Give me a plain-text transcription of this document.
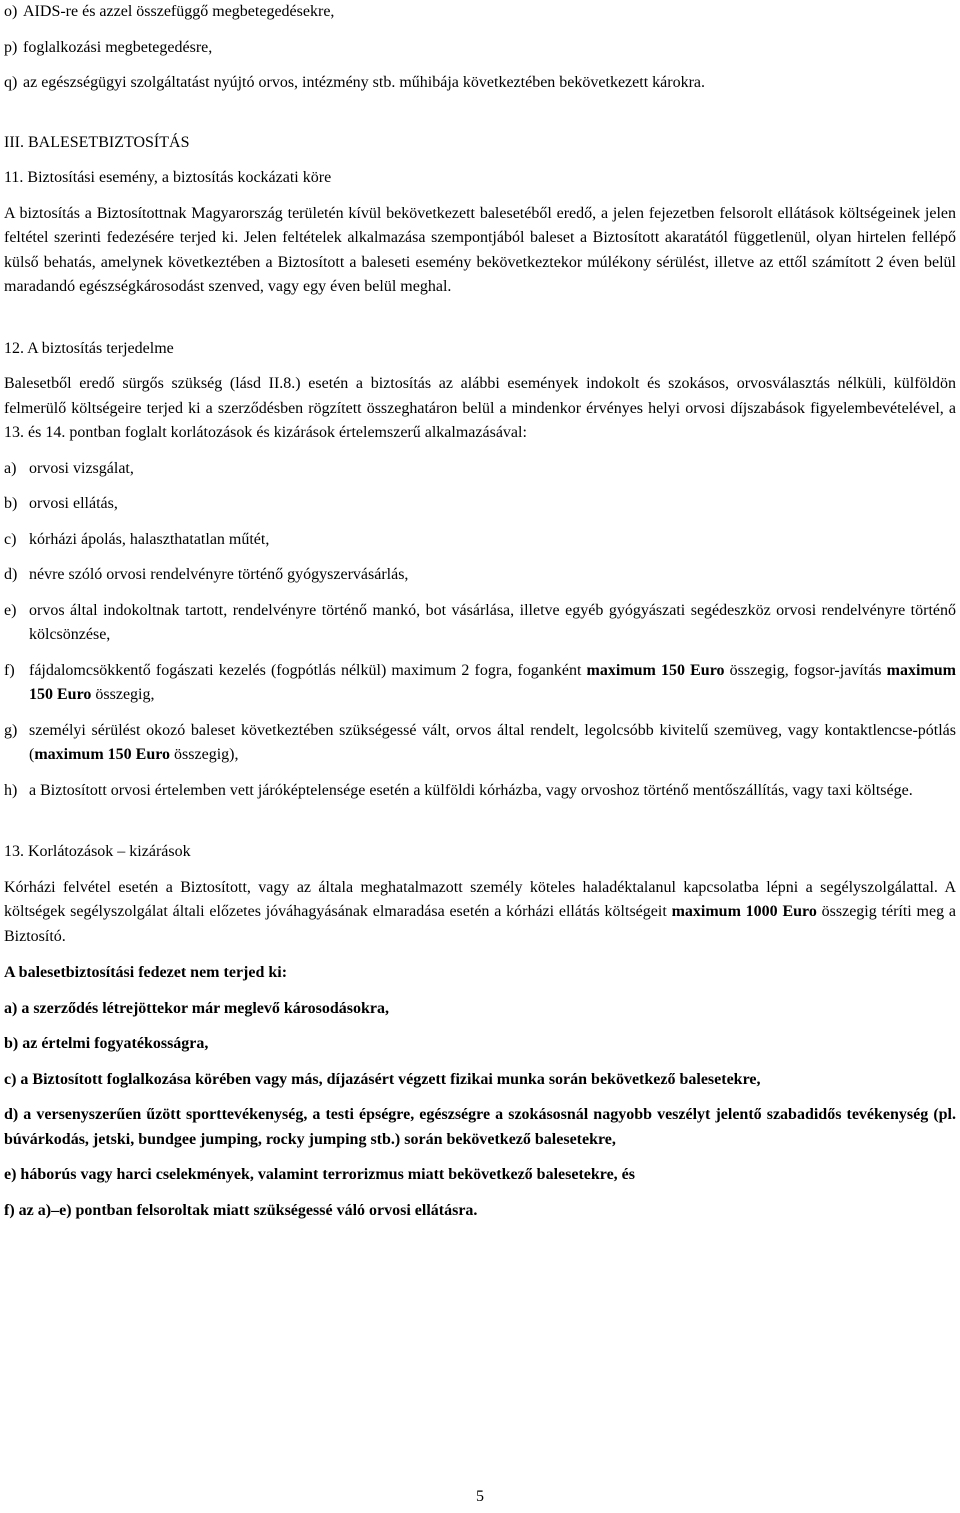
o) AIDS-re és azzel összefüggő megbetegedésekre,
p) foglalkozási megbetegedésre,
q) az egészségügyi szolgáltatást nyújtó orvos, intézmény stb. műhibája következtében bekövetkezett károkra.

III. BALESETBIZTOSÍTÁS

11. Biztosítási esemény, a biztosítás kockázati köre

A biztosítás a Biztosítottnak Magyarország területén kívül bekövetkezett balesetéből eredő, a jelen fejezetben felsorolt ellátások költségeinek jelen feltétel szerinti fedezésére terjed ki. Jelen feltételek alkalmazása szempontjából baleset a Biztosított akaratától függetlenül, olyan hirtelen fellépő külső behatás, amelynek következtében a Biztosított a baleseti esemény bekövetkeztekor múlékony sérülést, illetve az ettől számított 2 éven belül maradandó egészségkárosodást szenved, vagy egy éven belül meghal.

12. A biztosítás terjedelme

Balesetből eredő sürgős szükség (lásd II.8.) esetén a biztosítás az alábbi események indokolt és szokásos, orvosválasztás nélküli, külföldön felmerülő költségeire terjed ki a szerződésben rögzített összeghatáron belül a mindenkor érvényes helyi orvosi díjszabások figyelembevételével, a 13. és 14. pontban foglalt korlátozások és kizárások értelemszerű alkalmazásával:

a) orvosi vizsgálat,
b) orvosi ellátás,
c) kórházi ápolás, halaszthatatlan műtét,
d) névre szóló orvosi rendelvényre történő gyógyszervásárlás,
e) orvos által indokoltnak tartott, rendelvényre történő mankó, bot vásárlása, illetve egyéb gyógyászati segédeszköz orvosi rendelvényre történő kölcsönzése,
f) fájdalomcsökkentő fogászati kezelés (fogpótlás nélkül) maximum 2 fogra, foganként maximum 150 Euro összegig, fogsor-javítás maximum 150 Euro összegig,
g) személyi sérülést okozó baleset következtében szükségessé vált, orvos által rendelt, legolcsóbb kivitelű szemüveg, vagy kontaktlencse-pótlás (maximum 150 Euro összegig),
h) a Biztosított orvosi értelemben vett járóképtelensége esetén a külföldi kórházba, vagy orvoshoz történő mentőszállítás, vagy taxi költsége.

13. Korlátozások – kizárások

Kórházi felvétel esetén a Biztosított, vagy az általa meghatalmazott személy köteles haladéktalanul kapcsolatba lépni a segélyszolgálattal. A költségek segélyszolgálat általi előzetes jóváhagyásának elmaradása esetén a kórházi ellátás költségeit maximum 1000 Euro összegig téríti meg a Biztosító.

A balesetbiztosítási fedezet nem terjed ki:

a) a szerződés létrejöttekor már meglevő károsodásokra,

b) az értelmi fogyatékosságra,

c) a Biztosított foglalkozása körében vagy más, díjazásért végzett fizikai munka során bekövetkező balesetekre,

d) a versenyszerűen űzött sporttevékenység, a testi épségre, egészségre a szokásosnál nagyobb veszélyt jelentő szabadidős tevékenység (pl. búvárkodás, jetski, bundgee jumping, rocky jumping stb.) során bekövetkező balesetekre,

e) háborús vagy harci cselekmények, valamint terrorizmus miatt bekövetkező balesetekre, és

f) az a)–e) pontban felsoroltak miatt szükségessé váló orvosi ellátásra.

5
